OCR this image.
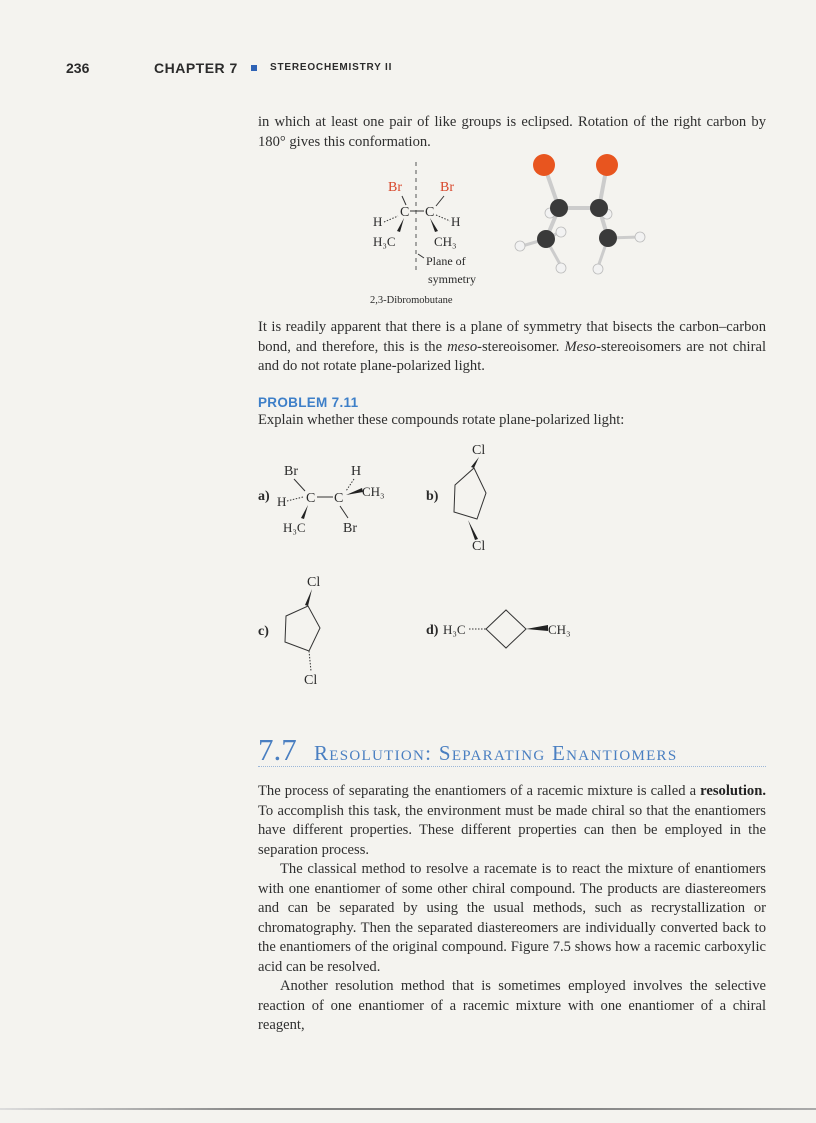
236	CHAPTER 7	STEREOCHEMISTRY II

in which at least one pair of like groups is eclipsed. Rotation of the right carbon by 180° gives this conformation.

Br	Br
C C
H	H
H₃C	CH₃
Plane of
symmetry
2,3-Dibromobutane

It is readily apparent that there is a plane of symmetry that bisects the carbon–carbon bond, and therefore, this is the meso-stereoisomer. Meso-stereoisomers are not chiral and do not rotate plane-polarized light.

PROBLEM 7.11

Explain whether these compounds rotate plane-polarized light:

a)
Br	H
H C C CH₃
H₃C	Br
b)
Cl
Cl
c)
Cl
Cl
d) H₃C	CH₃
7.7 Resolution: Separating Enantiomers

The process of separating the enantiomers of a racemic mixture is called a resolution. To accomplish this task, the environment must be made chiral so that the enantiomers have different properties. These different properties can then be employed in the separation process.

The classical method to resolve a racemate is to react the mixture of enantiomers with one enantiomer of some other chiral compound. The products are diastereomers and can be separated by using the usual methods, such as recrystallization or chromatography. Then the separated diastereomers are individually converted back to the enantiomers of the original compound. Figure 7.5 shows how a racemic carboxylic acid can be resolved.

Another resolution method that is sometimes employed involves the selective reaction of one enantiomer of a racemic mixture with one enantiomer of a chiral reagent,
